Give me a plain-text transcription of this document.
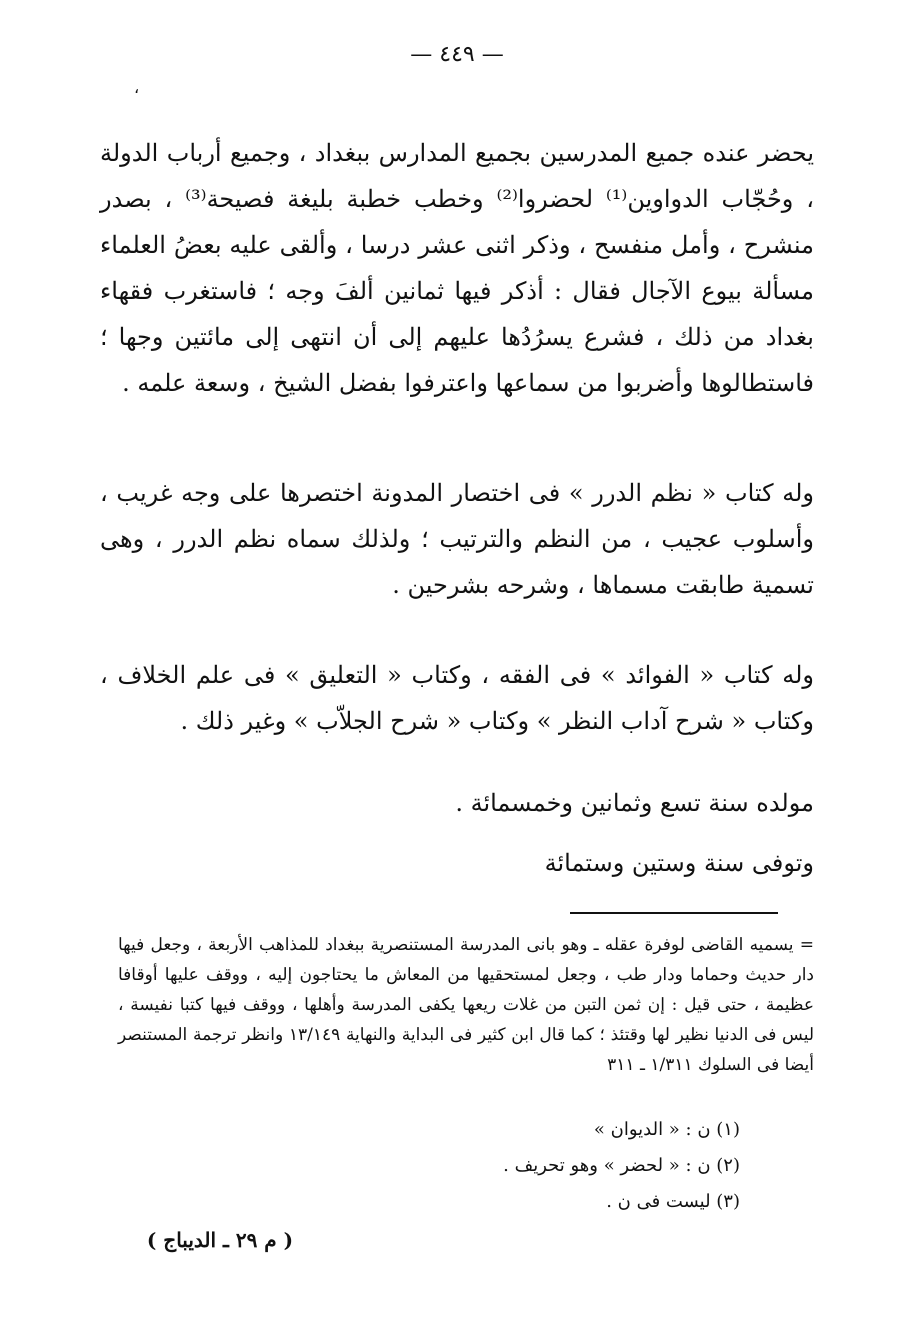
— ٤٤٩ —
،
يحضر عنده جميع المدرسين بجميع المدارس ببغداد ، وجميع أرباب الدولة ، وحُجّاب الدواوين⁽¹⁾ لحضروا⁽²⁾ وخطب خطبة بليغة فصيحة⁽³⁾ ، بصدر منشرح ، وأمل منفسح ، وذكر اثنى عشر درسا ، وألقى عليه بعضُ العلماء مسألة بيوع الآجال فقال : أذكر فيها ثمانين ألفَ وجه ؛ فاستغرب فقهاء بغداد من ذلك ، فشرع يسرُدُها عليهم إلى أن انتهى إلى مائتين وجها ؛ فاستطالوها وأضربوا من سماعها واعترفوا بفضل الشيخ ، وسعة علمه .
وله كتاب « نظم الدرر » فى اختصار المدونة اختصرها على وجه غريب ، وأسلوب عجيب ، من النظم والترتيب ؛ ولذلك سماه نظم الدرر ، وهى تسمية طابقت مسماها ، وشرحه بشرحين .
وله كتاب « الفوائد » فى الفقه ، وكتاب « التعليق » فى علم الخلاف ، وكتاب « شرح آداب النظر » وكتاب « شرح الجلاّب » وغير ذلك .
مولده سنة تسع وثمانين وخمسمائة .
وتوفى سنة وستين وستمائة
= يسميه القاضى لوفرة عقله ـ وهو بانى المدرسة المستنصرية ببغداد للمذاهب الأربعة ، وجعل فيها دار حديث وحماما ودار طب ، وجعل لمستحقيها من المعاش ما يحتاجون إليه ، ووقف عليها أوقافا عظيمة ، حتى قيل : إن ثمن التبن من غلات ريعها يكفى المدرسة وأهلها ، ووقف فيها كتبا نفيسة ، ليس فى الدنيا نظير لها وقتئذ ؛ كما قال ابن كثير فى البداية والنهاية ١٣/١٤٩ وانظر ترجمة المستنصر أيضا فى السلوك ١/٣١١ ـ ٣١١
(١) ن : « الديوان »
(٢) ن : « لحضر » وهو تحريف .
(٣) ليست فى ن .
( م ٢٩ ـ الديباج )
